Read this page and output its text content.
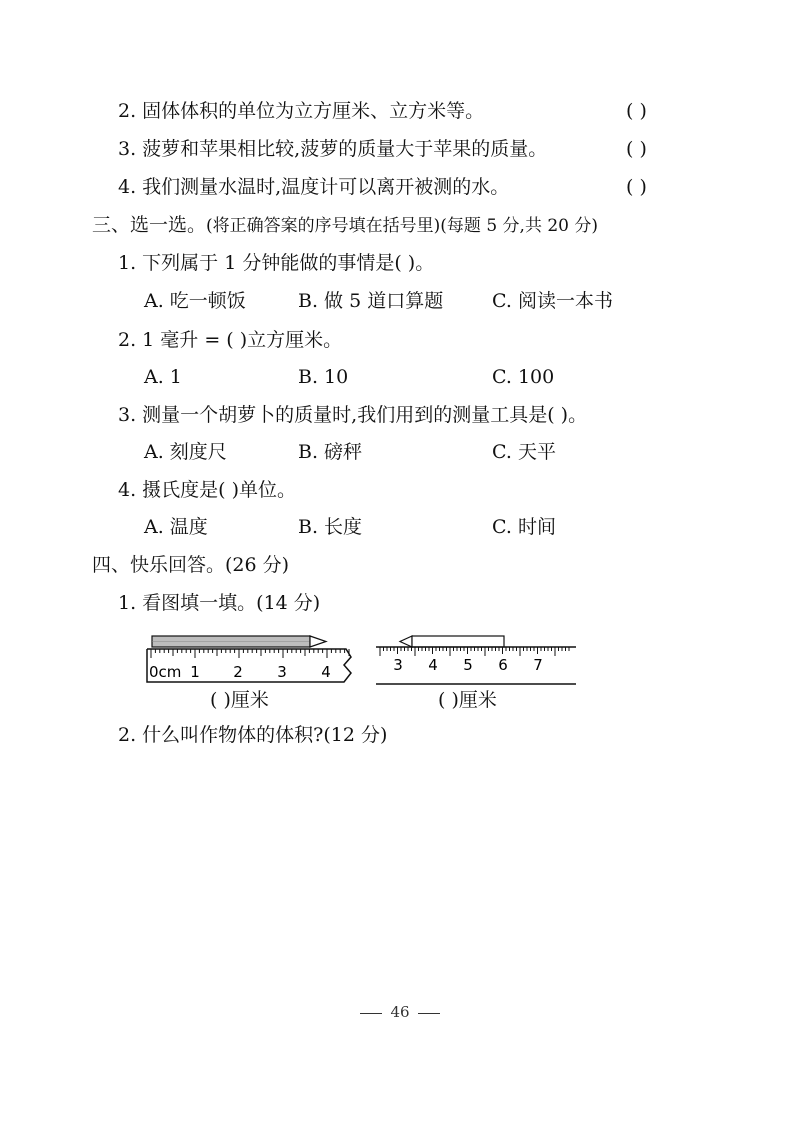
2. 固体体积的单位为立方厘米、立方米等。	( )
3. 菠萝和苹果相比较,菠萝的质量大于苹果的质量。	( )
4. 我们测量水温时,温度计可以离开被测的水。	( )
三、选一选。(将正确答案的序号填在括号里)(每题 5 分,共 20 分)
1. 下列属于 1 分钟能做的事情是( )。
A. 吃一顿饭	B. 做 5 道口算题	C. 阅读一本书
2. 1 毫升 = ( )立方厘米。
A. 1	B. 10	C. 100
3. 测量一个胡萝卜的质量时,我们用到的测量工具是( )。
A. 刻度尺	B. 磅秤	C. 天平
4. 摄氏度是( )单位。
A. 温度	B. 长度	C. 时间
四、快乐回答。(26 分)
1. 看图填一填。(14 分)
0cm 1 2 3 4
( )厘米
3 4 5 6 7
( )厘米
2. 什么叫作物体的体积?(12 分)
46
